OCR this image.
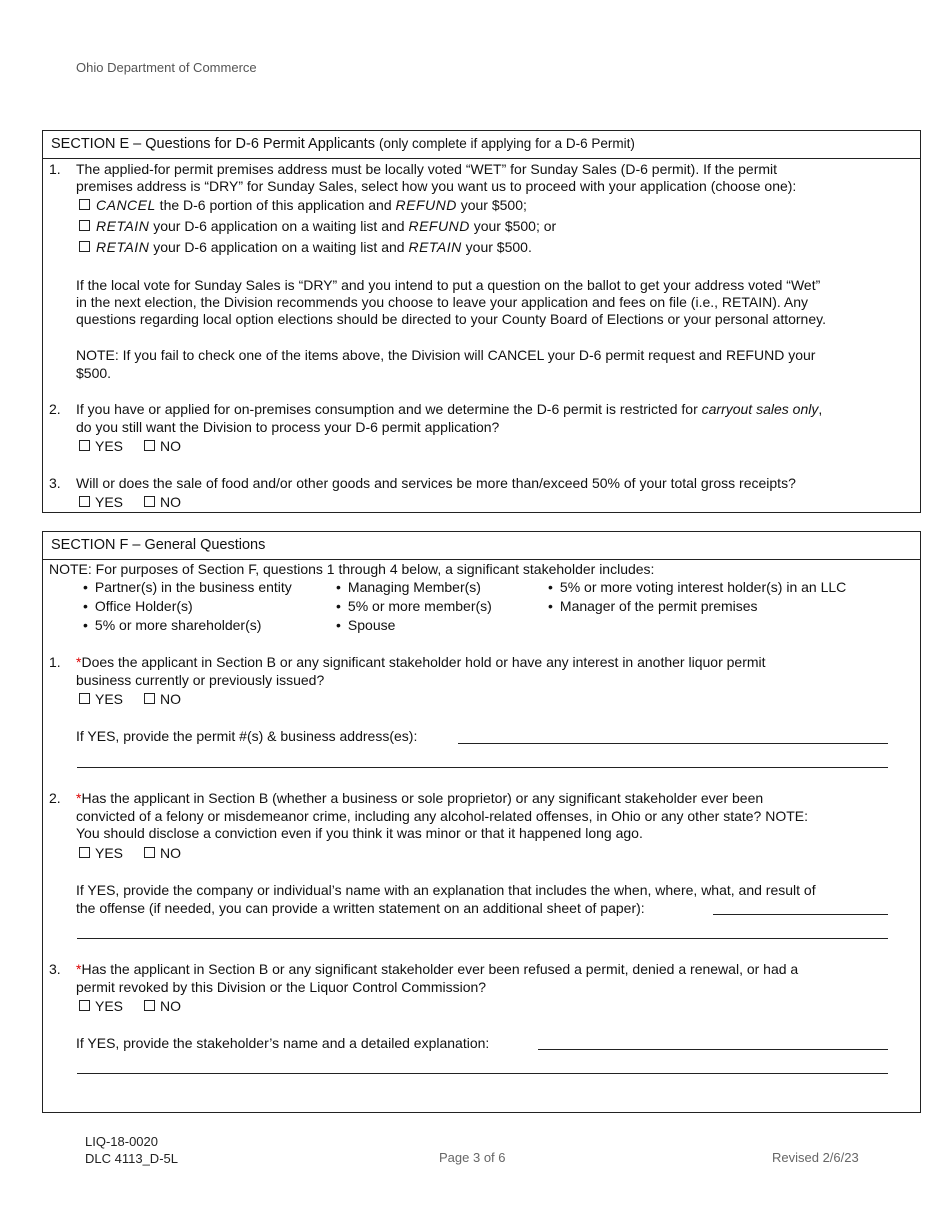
Ohio Department of Commerce
SECTION E – Questions for D-6 Permit Applicants (only complete if applying for a D-6 Permit)
1. The applied-for permit premises address must be locally voted “WET” for Sunday Sales (D-6 permit). If the permit
premises address is “DRY” for Sunday Sales, select how you want us to proceed with your application (choose one):
CANCEL the D-6 portion of this application and REFUND your $500;
RETAIN your D-6 application on a waiting list and REFUND your $500; or
RETAIN your D-6 application on a waiting list and RETAIN your $500.
If the local vote for Sunday Sales is “DRY” and you intend to put a question on the ballot to get your address voted “Wet”
in the next election, the Division recommends you choose to leave your application and fees on file (i.e., RETAIN). Any
questions regarding local option elections should be directed to your County Board of Elections or your personal attorney.
NOTE: If you fail to check one of the items above, the Division will CANCEL your D-6 permit request and REFUND your
$500.
2. If you have or applied for on-premises consumption and we determine the D-6 permit is restricted for carryout sales only,
do you still want the Division to process your D-6 permit application?
YES	NO
3. Will or does the sale of food and/or other goods and services be more than/exceed 50% of your total gross receipts?
YES	NO
SECTION F – General Questions
NOTE: For purposes of Section F, questions 1 through 4 below, a significant stakeholder includes:
• Partner(s) in the business entity	• Managing Member(s)	• 5% or more voting interest holder(s) in an LLC
• Office Holder(s)	• 5% or more member(s)	• Manager of the permit premises
• 5% or more shareholder(s)	• Spouse
1. *Does the applicant in Section B or any significant stakeholder hold or have any interest in another liquor permit
business currently or previously issued?
YES	NO
If YES, provide the permit #(s) & business address(es):
2. *Has the applicant in Section B (whether a business or sole proprietor) or any significant stakeholder ever been
convicted of a felony or misdemeanor crime, including any alcohol-related offenses, in Ohio or any other state? NOTE:
You should disclose a conviction even if you think it was minor or that it happened long ago.
YES	NO
If YES, provide the company or individual’s name with an explanation that includes the when, where, what, and result of
the offense (if needed, you can provide a written statement on an additional sheet of paper):
3. *Has the applicant in Section B or any significant stakeholder ever been refused a permit, denied a renewal, or had a
permit revoked by this Division or the Liquor Control Commission?
YES	NO
If YES, provide the stakeholder’s name and a detailed explanation:
LIQ-18-0020
DLC 4113_D-5L	Page 3 of 6	Revised 2/6/23
